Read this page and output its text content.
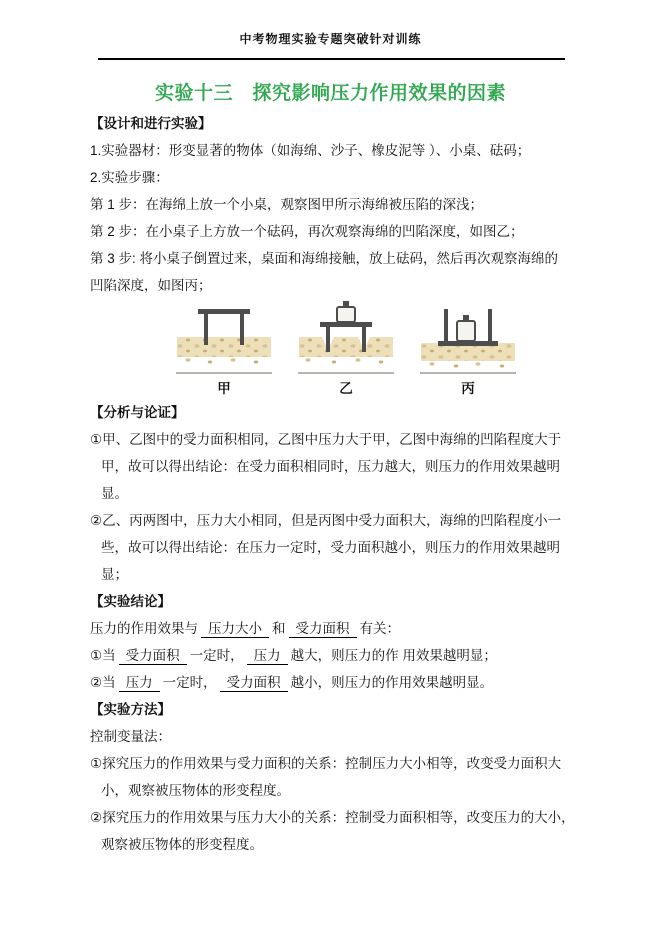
中考物理实验专题突破针对训练
实验十三　探究影响压力作用效果的因素
【设计和进行实验】
1.实验器材：形变显著的物体（如海绵、沙子、橡皮泥等 ）、小桌、砝码；
2.实验步骤：
第 1 步：在海绵上放一个小桌，观察图甲所示海绵被压陷的深浅；
第 2 步：在小桌子上方放一个砝码，再次观察海绵的凹陷深度，如图乙；
第 3 步: 将小桌子倒置过来，桌面和海绵接触，放上砝码，然后再次观察海绵的
凹陷深度，如图丙；
甲	乙	丙
【分析与论证】
①甲、乙图中的受力面积相同，乙图中压力大于甲，乙图中海绵的凹陷程度大于
甲，故可以得出结论：在受力面积相同时，压力越大，则压力的作用效果越明
显。
②乙、丙两图中，压力大小相同，但是丙图中受力面积大，海绵的凹陷程度小一
些，故可以得出结论：在压力一定时，受力面积越小，则压力的作用效果越明
显；
【实验结论】
压力的作用效果与 压力大小 和 受力面积 有关：
①当 受力面积 一定时， 压力 越大，则压力的作 用效果越明显；
②当 压力 一定时， 受力面积 越小，则压力的作用效果越明显。
【实验方法】
控制变量法：
①探究压力的作用效果与受力面积的关系：控制压力大小相等，改变受力面积大
小，观察被压物体的形变程度。
②探究压力的作用效果与压力大小的关系：控制受力面积相等，改变压力的大小，
观察被压物体的形变程度。
